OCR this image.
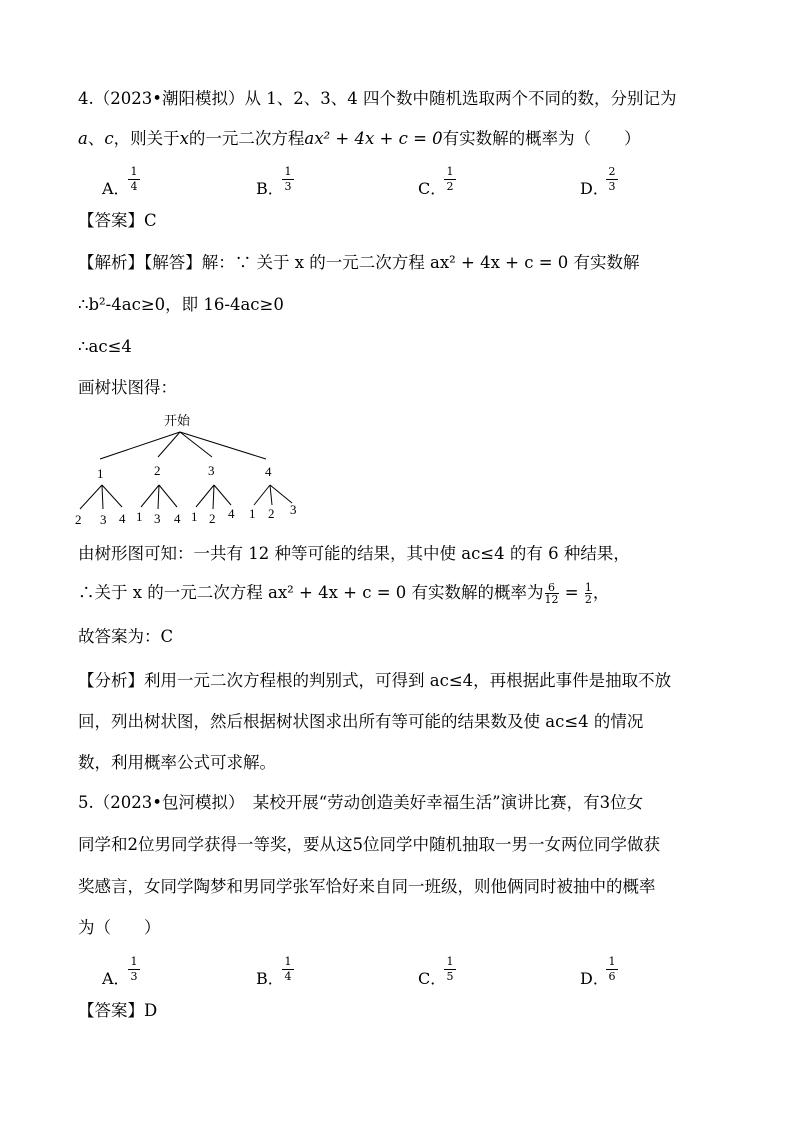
4.（2023•潮阳模拟）从 1、2、3、4 四个数中随机选取两个不同的数，分别记为
a、c，则关于x的一元二次方程ax² + 4x + c = 0有实数解的概率为（　　）
A．
1
4	B．
1
3	C．
1
2	D．
2
3
【答案】C
【解析】【解答】解：∵ 关于 x 的一元二次方程 ax² + 4x + c = 0 有实数解
∴b²-4ac≥0，即 16-4ac≥0
∴ac≤4
画树状图得：
开始
1	2	3	4
2 3 4 1 3 4 1 2 4 1 2 3
由树形图可知：一共有 12 种等可能的结果，其中使 ac≤4 的有 6 种结果，
∴关于 x 的一元二次方程 ax² + 4x + c = 0 有实数解的概率为 $\frac{6}{12} = \frac{1}{2}$ ，
故答案为：C
【分析】利用一元二次方程根的判别式，可得到 ac≤4，再根据此事件是抽取不放
回，列出树状图，然后根据树状图求出所有等可能的结果数及使 ac≤4 的情况
数，利用概率公式可求解。
5.（2023•包河模拟）　某校开展“劳动创造美好幸福生活”演讲比赛，有3位女
同学和2位男同学获得一等奖，要从这5位同学中随机抽取一男一女两位同学做获
奖感言，女同学陶梦和男同学张军恰好来自同一班级，则他俩同时被抽中的概率
为（　　）
A．
1
3	B．
1
4	C．
1
5	D．
1
6
【答案】D
